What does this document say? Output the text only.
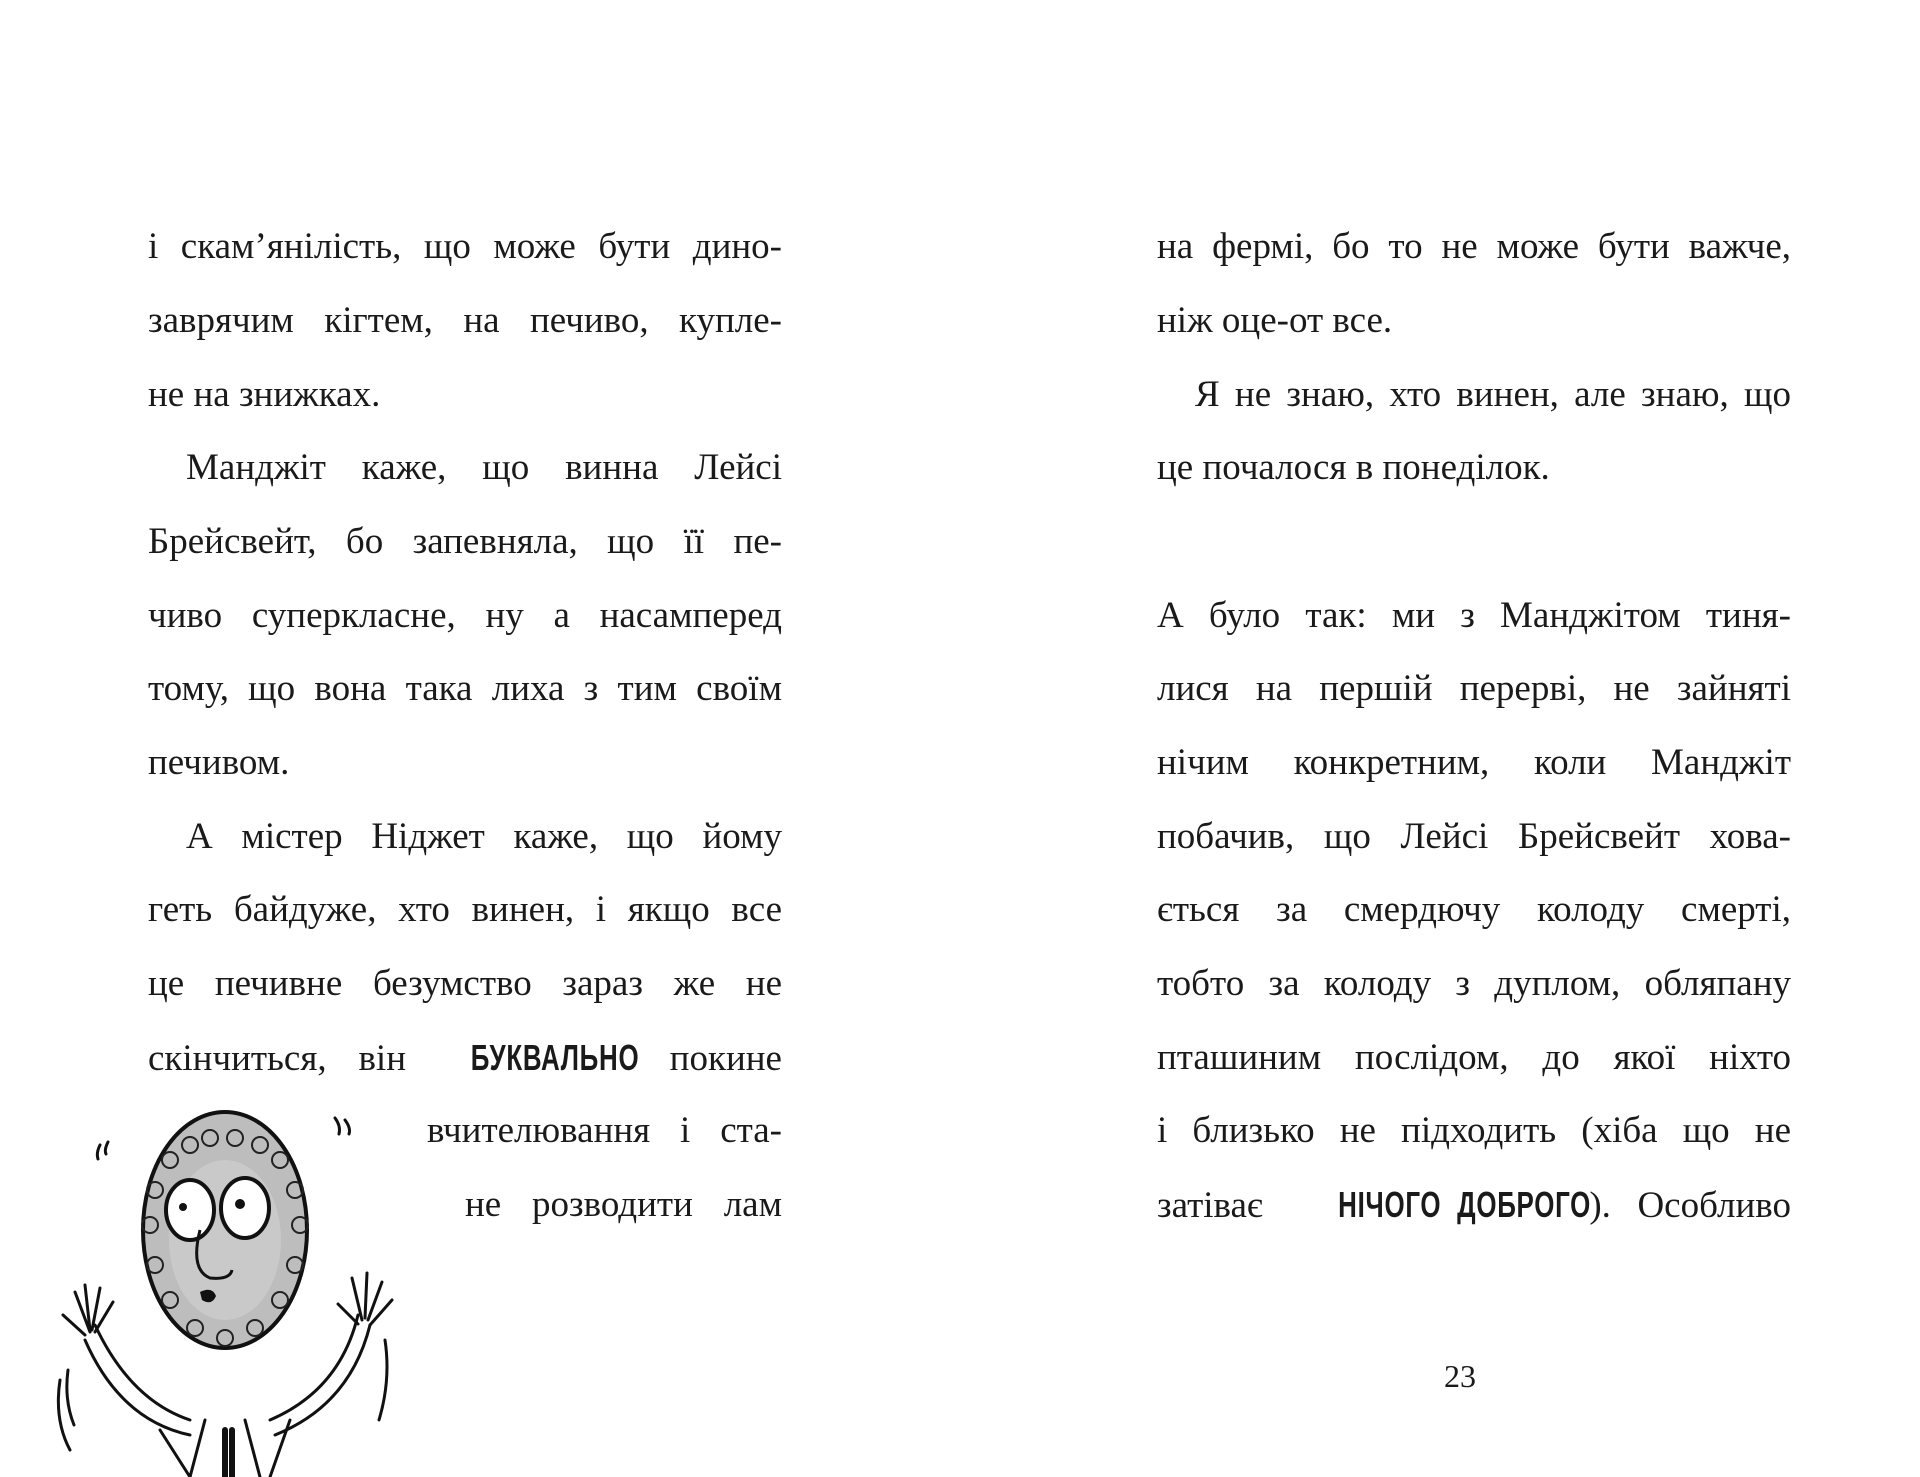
і скам’янілість, що може бути дино-
заврячим кігтем, на печиво, купле-
не на знижках.
Манджіт каже, що винна Лейсі
Брейсвейт, бо запевняла, що її пе-
чиво суперкласне, ну а насамперед
тому, що вона така лиха з тим своїм
печивом.
А містер Ніджет каже, що йому
геть байдуже, хто винен, і якщо все
це печивне безумство зараз же не
скінчиться, він БУКВАЛЬНО покине
вчителювання і ста-
не розводити лам
на фермі, бо то не може бути важче,
ніж оце-от все.
Я не знаю, хто винен, але знаю, що
це почалося в понеділок.
А було так: ми з Манджітом тиня-
лися на першій перерві, не зайняті
нічим конкретним, коли Манджіт
побачив, що Лейсі Брейсвейт хова-
ється за смердючу колоду смерті,
тобто за колоду з дуплом, обляпану
пташиним послідом, до якої ніхто
і близько не підходить (хіба що не
затіває НІЧОГО  ДОБРОГО). Особливо
23
